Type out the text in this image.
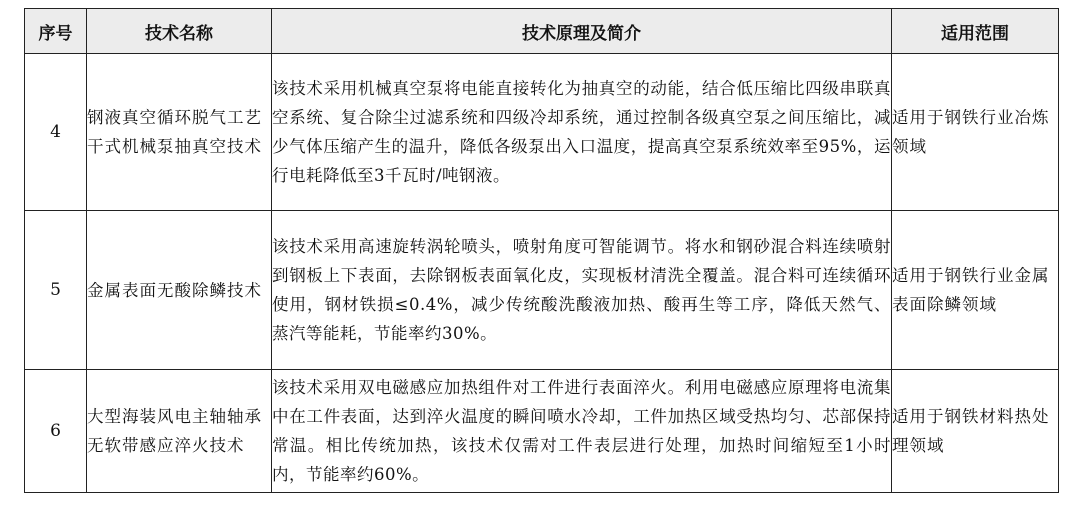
序号	技术名称	技术原理及简介	适用范围
4	钢液真空循环脱气工艺干式机械泵抽真空技术	该技术采用机械真空泵将电能直接转化为抽真空的动能，结合低压缩比四级串联真空系统、复合除尘过滤系统和四级冷却系统，通过控制各级真空泵之间压缩比，减少气体压缩产生的温升，降低各级泵出入口温度，提高真空泵系统效率至95%，运行电耗降低至3千瓦时/吨钢液。	适用于钢铁行业冶炼领域
5	金属表面无酸除鳞技术	该技术采用高速旋转涡轮喷头，喷射角度可智能调节。将水和钢砂混合料连续喷射到钢板上下表面，去除钢板表面氧化皮，实现板材清洗全覆盖。混合料可连续循环使用，钢材铁损≤0.4%，减少传统酸洗酸液加热、酸再生等工序，降低天然气、蒸汽等能耗，节能率约30%。	适用于钢铁行业金属表面除鳞领域
6	大型海装风电主轴轴承无软带感应淬火技术	该技术采用双电磁感应加热组件对工件进行表面淬火。利用电磁感应原理将电流集中在工件表面，达到淬火温度的瞬间喷水冷却，工件加热区域受热均匀、芯部保持常温。相比传统加热，该技术仅需对工件表层进行处理，加热时间缩短至1小时内，节能率约60%。	适用于钢铁材料热处理领域
